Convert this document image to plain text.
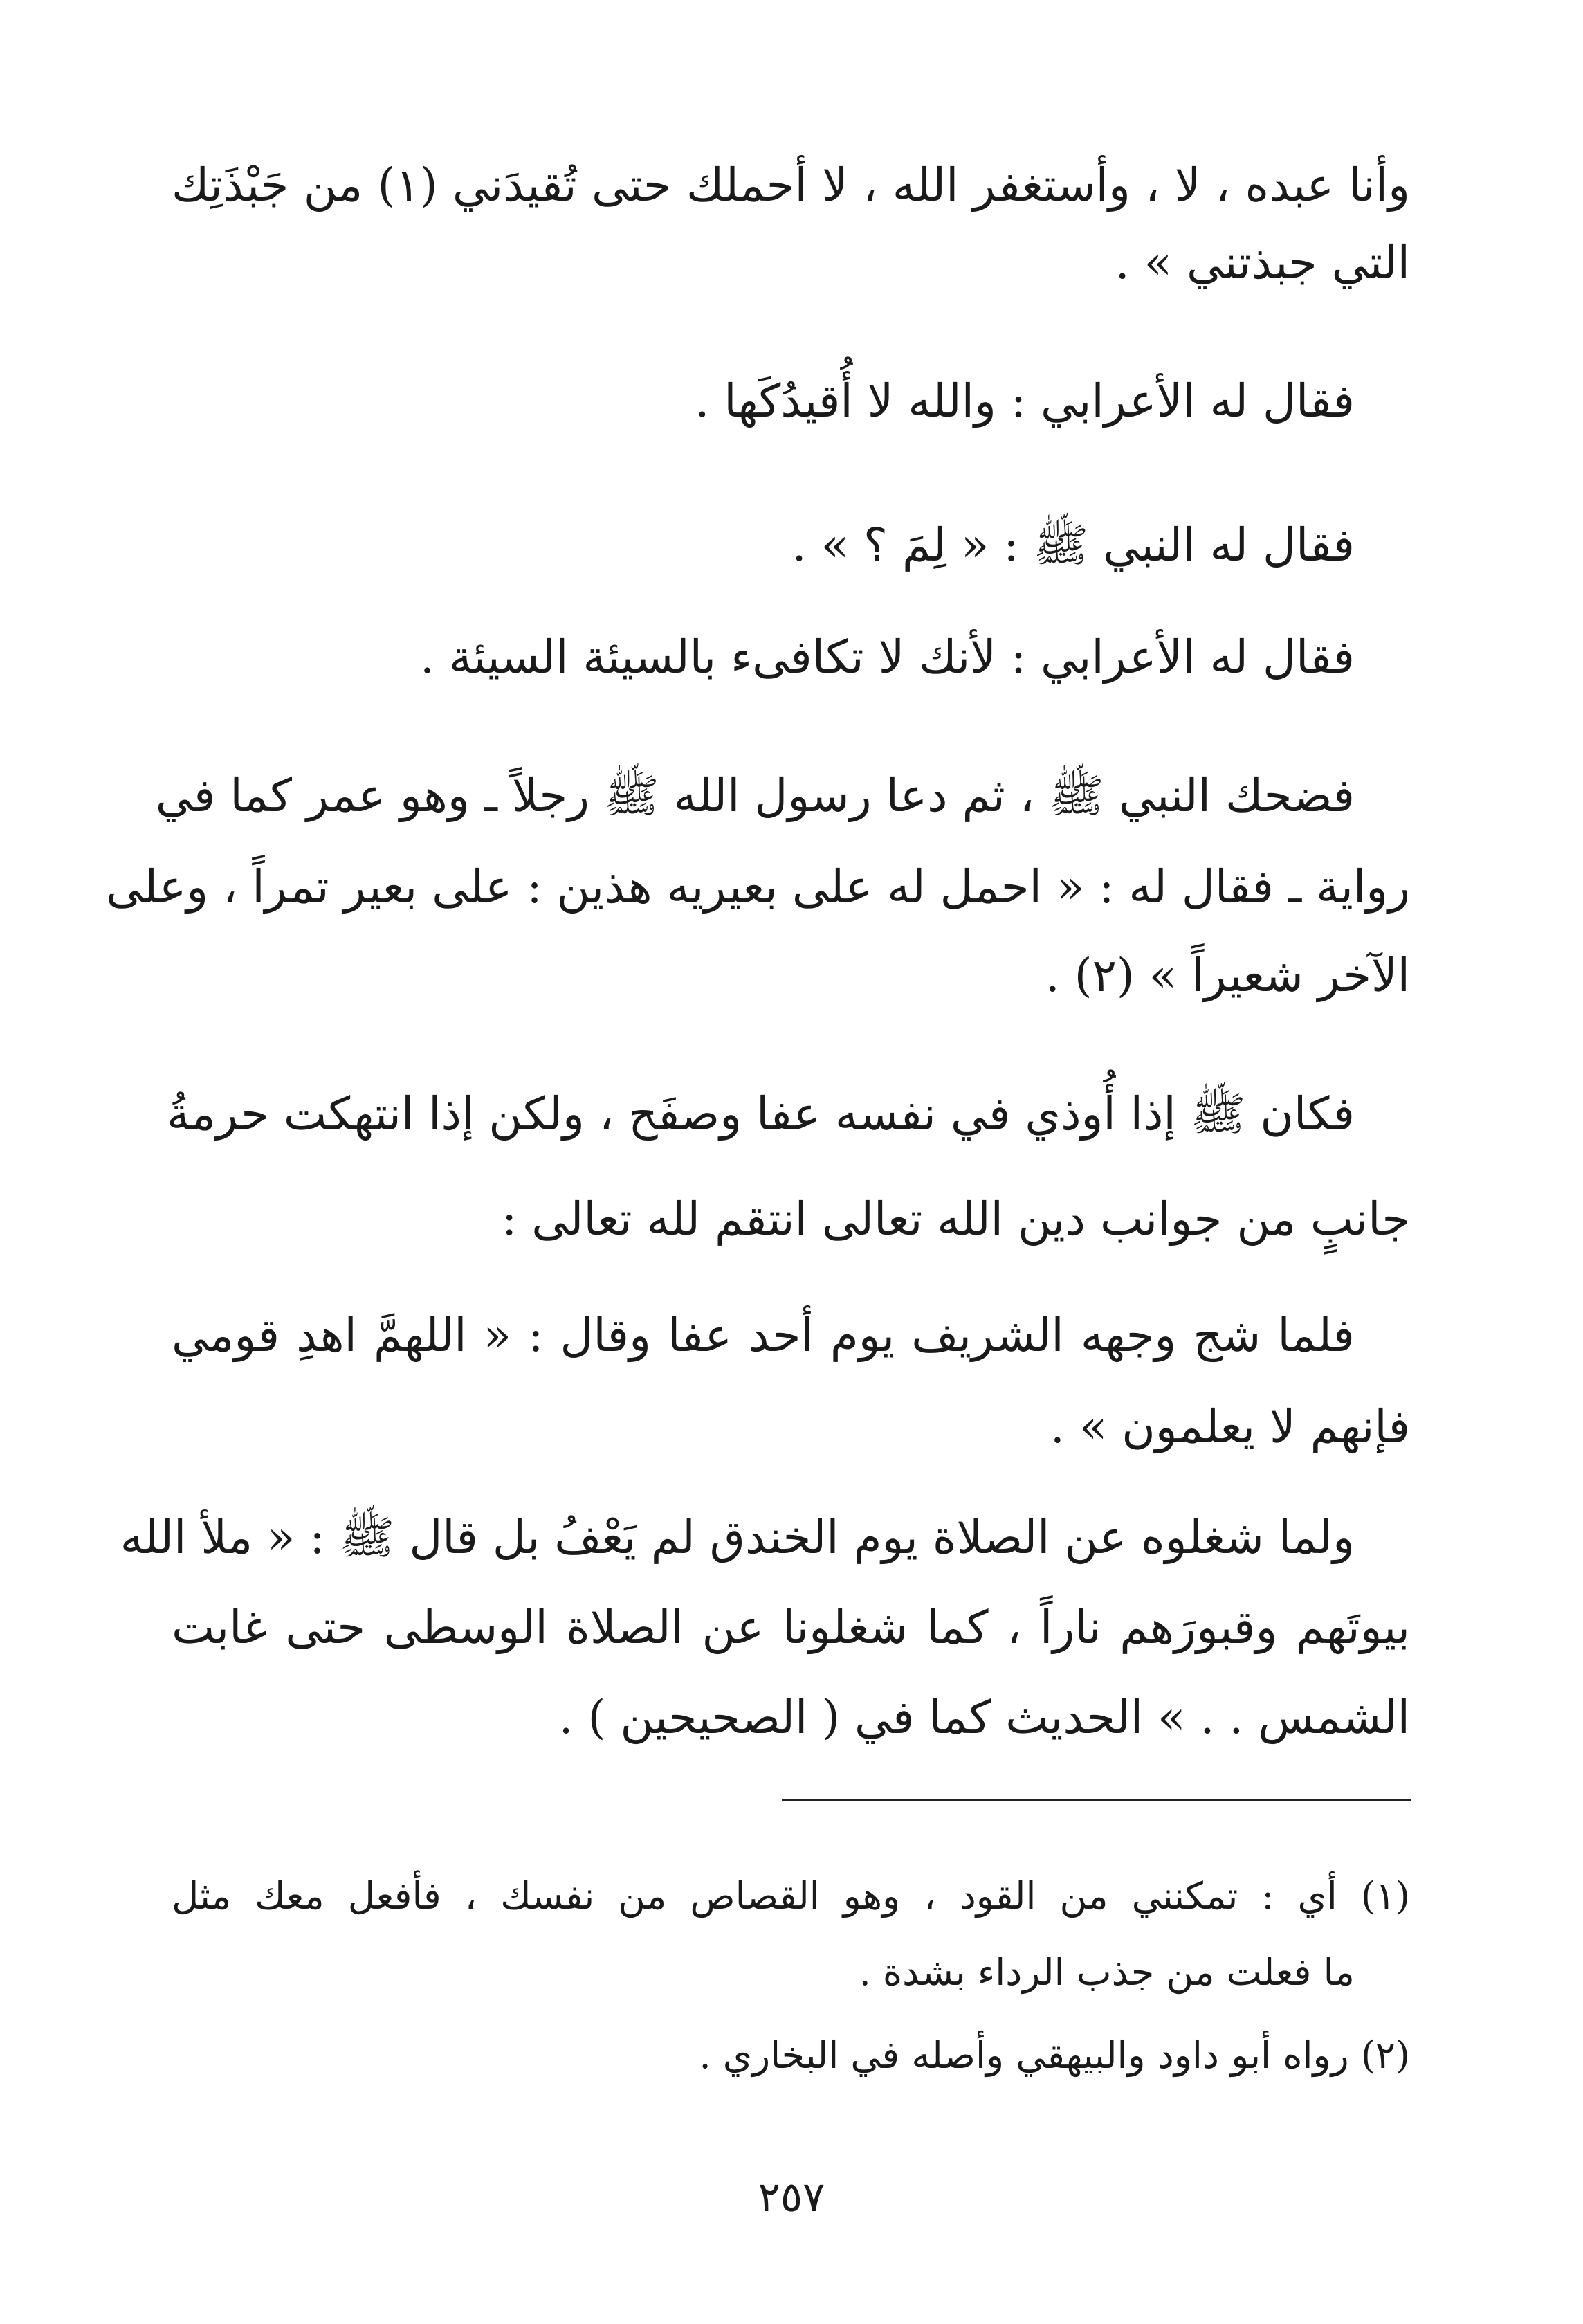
وأنا عبده ، لا ، وأستغفر الله ، لا أحملك حتى تُقيدَني (١) من جَبْذَتِك
التي جبذتني » .
فقال له الأعرابي : والله لا أُقيدُكَها .
فقال له النبي ﷺ : « لِمَ ؟ » .
فقال له الأعرابي : لأنك لا تكافىء بالسيئة السيئة .
فضحك النبي ﷺ ، ثم دعا رسول الله ﷺ رجلاً ـ وهو عمر كما في
رواية ـ فقال له : « احمل له على بعيريه هذين : على بعير تمراً ، وعلى
الآخر شعيراً » (٢) .
فكان ﷺ إذا أُوذي في نفسه عفا وصفَح ، ولكن إذا انتهكت حرمةُ
جانبٍ من جوانب دين الله تعالى انتقم لله تعالى :
فلما شج وجهه الشريف يوم أحد عفا وقال : « اللهمَّ اهدِ قومي
فإنهم لا يعلمون » .
ولما شغلوه عن الصلاة يوم الخندق لم يَعْفُ بل قال ﷺ : « ملأ الله
بيوتَهم وقبورَهم ناراً ، كما شغلونا عن الصلاة الوسطى حتى غابت
الشمس . . » الحديث كما في ( الصحيحين ) .
(١) أي : تمكنني من القود ، وهو القصاص من نفسك ، فأفعل معك مثل
ما فعلت من جذب الرداء بشدة .
(٢) رواه أبو داود والبيهقي وأصله في البخاري .
٢٥٧
